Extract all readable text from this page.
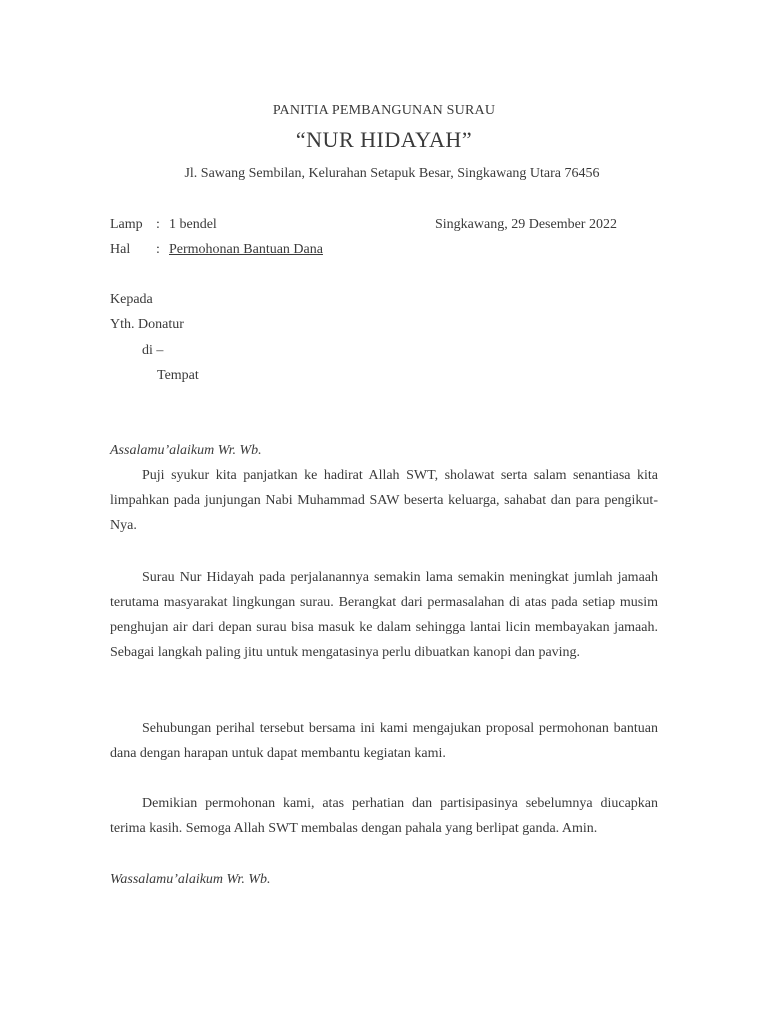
PANITIA PEMBANGUNAN SURAU
“NUR HIDAYAH”
Jl. Sawang Sembilan, Kelurahan Setapuk Besar, Singkawang Utara 76456
Lamp : 1 bendel	Singkawang, 29 Desember 2022
Hal : Permohonan Bantuan Dana
Kepada
Yth. Donatur
di –
Tempat
Assalamu’alaikum Wr. Wb.

Puji syukur kita panjatkan ke hadirat Allah SWT, sholawat serta salam senantiasa kita limpahkan pada junjungan Nabi Muhammad SAW beserta keluarga, sahabat dan para pengikut-Nya.

Surau Nur Hidayah pada perjalanannya semakin lama semakin meningkat jumlah jamaah terutama masyarakat lingkungan surau. Berangkat dari permasalahan di atas pada setiap musim penghujan air dari depan surau bisa masuk ke dalam sehingga lantai licin membayakan jamaah. Sebagai langkah paling jitu untuk mengatasinya perlu dibuatkan kanopi dan paving.

Sehubungan perihal tersebut bersama ini kami mengajukan proposal permohonan bantuan dana dengan harapan untuk dapat membantu kegiatan kami.

Demikian permohonan kami, atas perhatian dan partisipasinya sebelumnya diucapkan terima kasih. Semoga Allah SWT membalas dengan pahala yang berlipat ganda. Amin.

Wassalamu’alaikum Wr. Wb.
